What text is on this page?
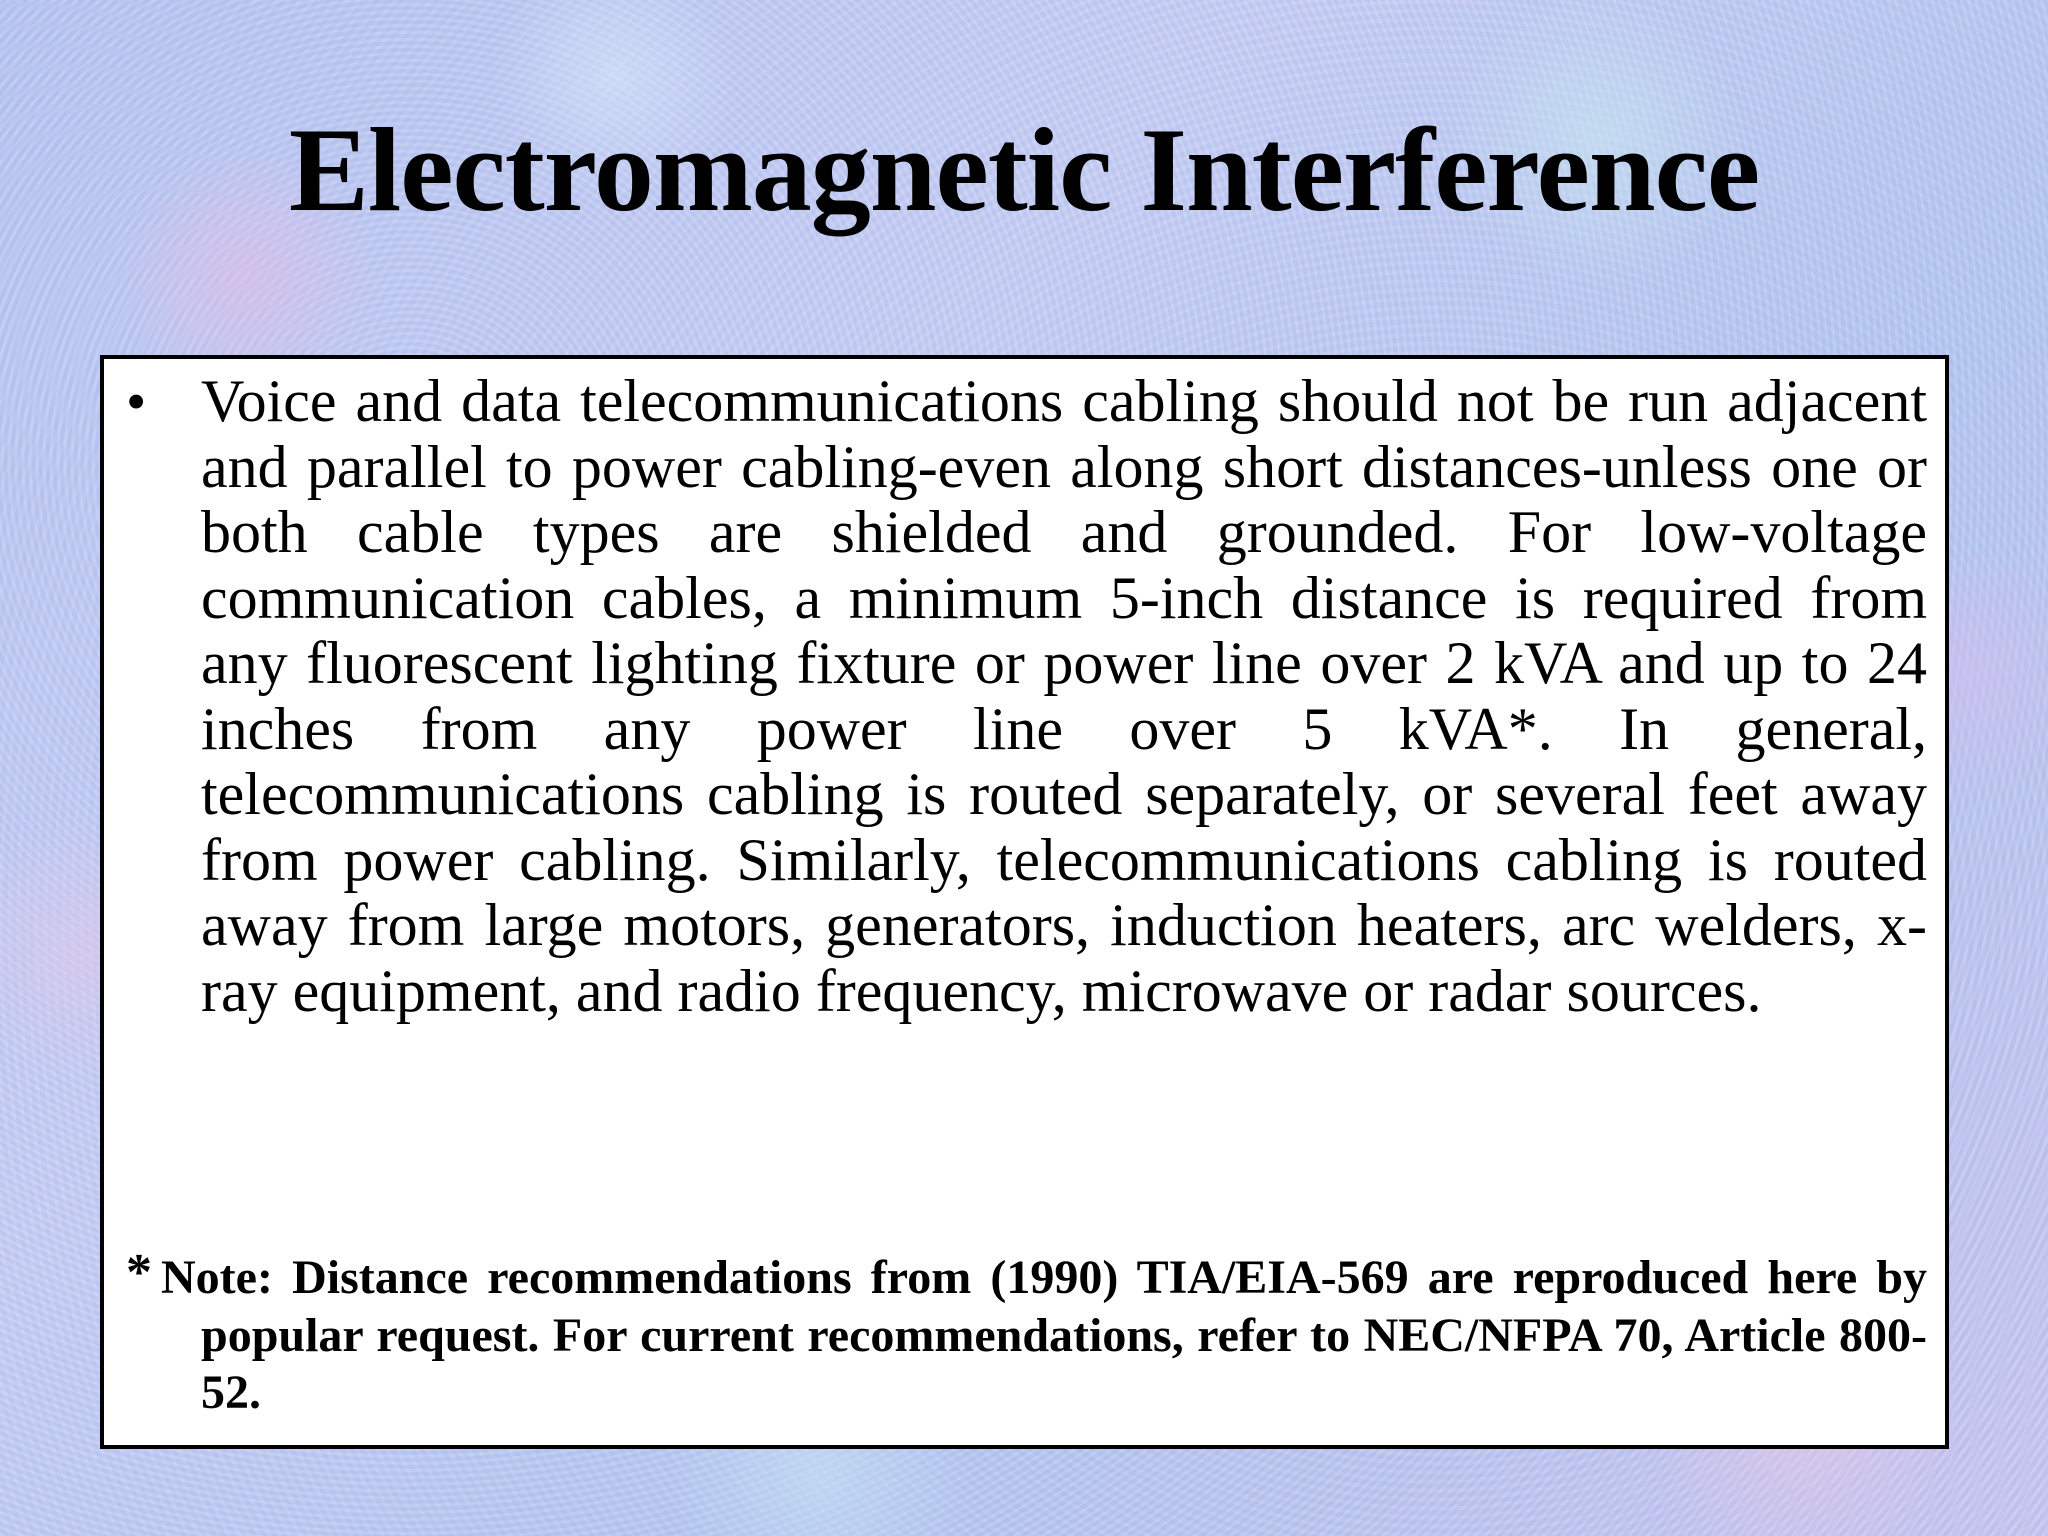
Electromagnetic Interference
• Voice and data telecommunications cabling should not be run adjacent and parallel to power cabling-even along short distances-unless one or both cable types are shielded and grounded. For low-voltage communication cables, a minimum 5-inch distance is required from any fluorescent lighting fixture or power line over 2 kVA and up to 24 inches from any power line over 5 kVA*. In general, telecommunications cabling is routed separately, or several feet away from power cabling. Similarly, telecommunications cabling is routed away from large motors, generators, induction heaters, arc welders, x-ray equipment, and radio frequency, microwave or radar sources.
* Note: Distance recommendations from (1990) TIA/EIA-569 are reproduced here by popular request. For current recommendations, refer to NEC/NFPA 70, Article 800-52.
